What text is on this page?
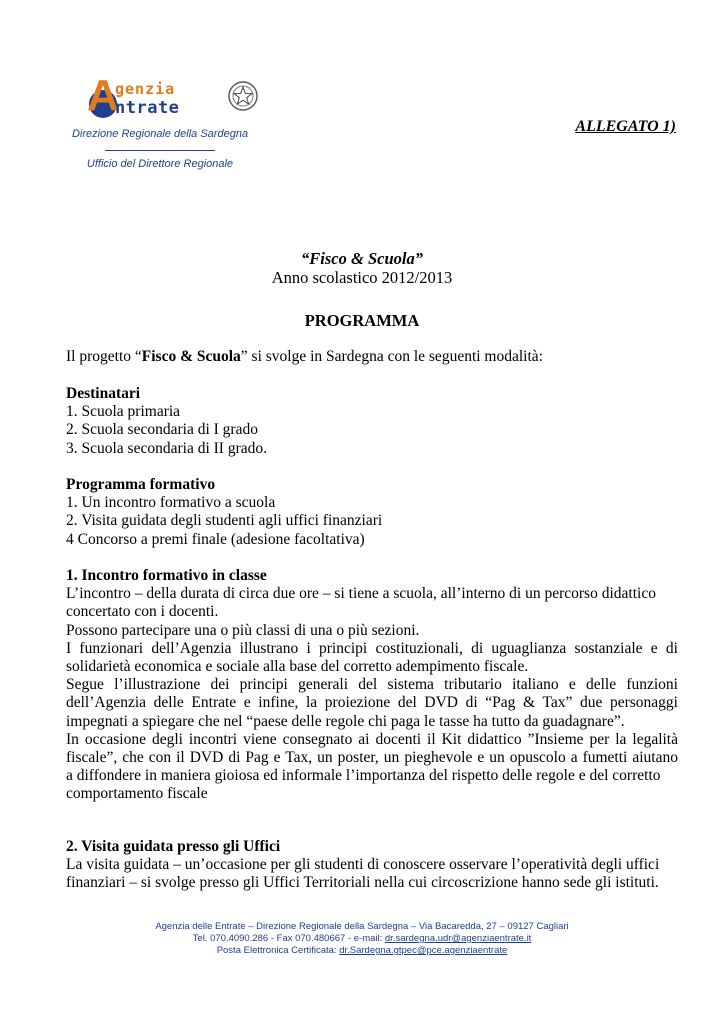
A
genzia
ntrate
Direzione Regionale della Sardegna
Ufficio del Direttore Regionale
ALLEGATO 1)
“Fisco & Scuola”
Anno scolastico 2012/2013
PROGRAMMA

Il progetto “Fisco & Scuola” si svolge in Sardegna con le seguenti modalità:

Destinatari

1. Scuola primaria

2. Scuola secondaria di I grado

3. Scuola secondaria di II grado.

Programma formativo

1. Un incontro formativo a scuola

2. Visita guidata degli studenti agli uffici finanziari

4 Concorso a premi finale (adesione facoltativa)

1. Incontro formativo in classe

L’incontro – della durata di circa due ore – si tiene a scuola, all’interno di un percorso didattico

concertato con i docenti.

Possono partecipare una o più classi di una o più sezioni.

I funzionari dell’Agenzia illustrano i principi costituzionali, di uguaglianza sostanziale e di

solidarietà economica e sociale alla base del corretto adempimento fiscale.

Segue l’illustrazione dei principi generali del sistema tributario italiano e delle funzioni

dell’Agenzia delle Entrate e infine, la proiezione del DVD di “Pag & Tax” due personaggi

impegnati a spiegare che nel “paese delle regole chi paga le tasse ha tutto da guadagnare”.

In occasione degli incontri viene consegnato ai docenti il Kit didattico ”Insieme per la legalità

fiscale”, che con il DVD di Pag e Tax, un poster, un pieghevole e un opuscolo a fumetti aiutano

a diffondere in maniera gioiosa ed informale l’importanza del rispetto delle regole e del corretto

comportamento fiscale

2. Visita guidata presso gli Uffici

La visita guidata – un’occasione per gli studenti di conoscere osservare l’operatività degli uffici

finanziari – si svolge presso gli Uffici Territoriali nella cui circoscrizione hanno sede gli istituti.

Agenzia delle Entrate – Direzione Regionale della Sardegna – Via Bacaredda, 27 – 09127 Cagliari
Tel. 070.4090.286 - Fax 070.480667 - e-mail: dr.sardegna.udr@agenziaentrate.it
Posta Elettronica Certificata: dr.Sardegna.gtpec@pce.agenziaentrate
